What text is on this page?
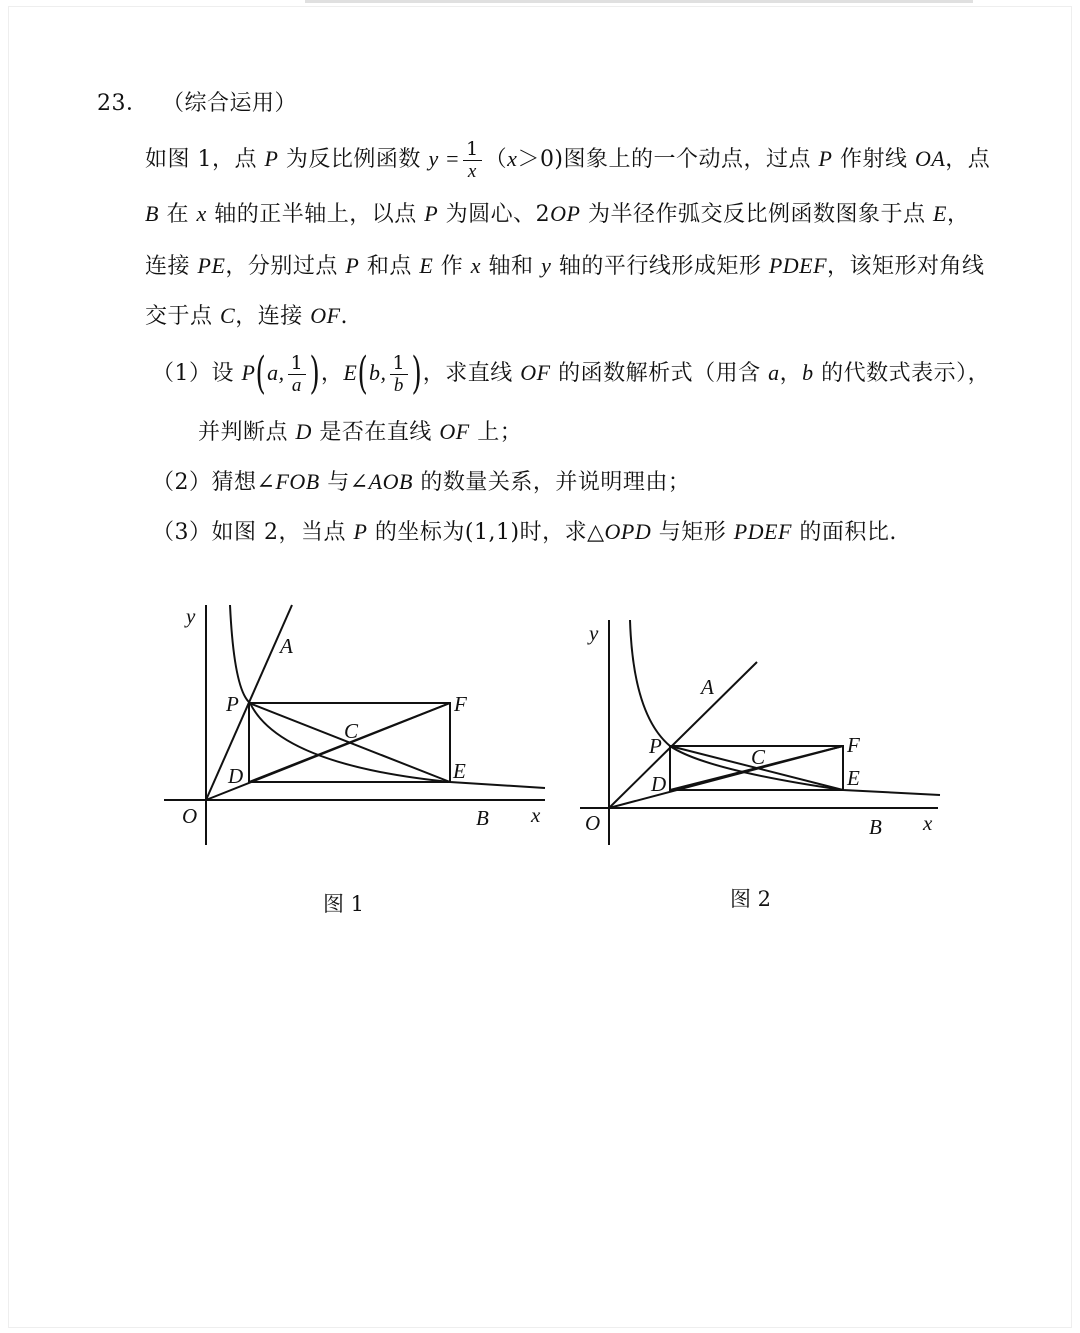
23． （综合运用）
如图 1，点 P 为反比例函数 $y = \frac{1}{x} (x>0)$图象上的一个动点，过点 P 作射线 OA，点
B 在 x 轴的正半轴上，以点 P 为圆心、2OP 为半径作弧交反比例函数图象于点 E，
连接 PE，分别过点 P 和点 E 作 x 轴和 y 轴的平行线形成矩形 PDEF，该矩形对角线
交于点 C，连接 OF.
（1）设 P(a, $\frac{1}{a}$ )，E(b, $\frac{1}{b}$ )，求直线 OF 的函数解析式（用含 a，b 的代数式表示），
并判断点 D 是否在直线 OF 上；
（2）猜想∠FOB 与∠AOB 的数量关系，并说明理由；
（3）如图 2，当点 P 的坐标为(1,1)时，求△OPD 与矩形 PDEF 的面积比.
y
A
P	F
C
D	E
O	B x
图 1
y
A
P	F
C
D	E
O	B x
图 2
